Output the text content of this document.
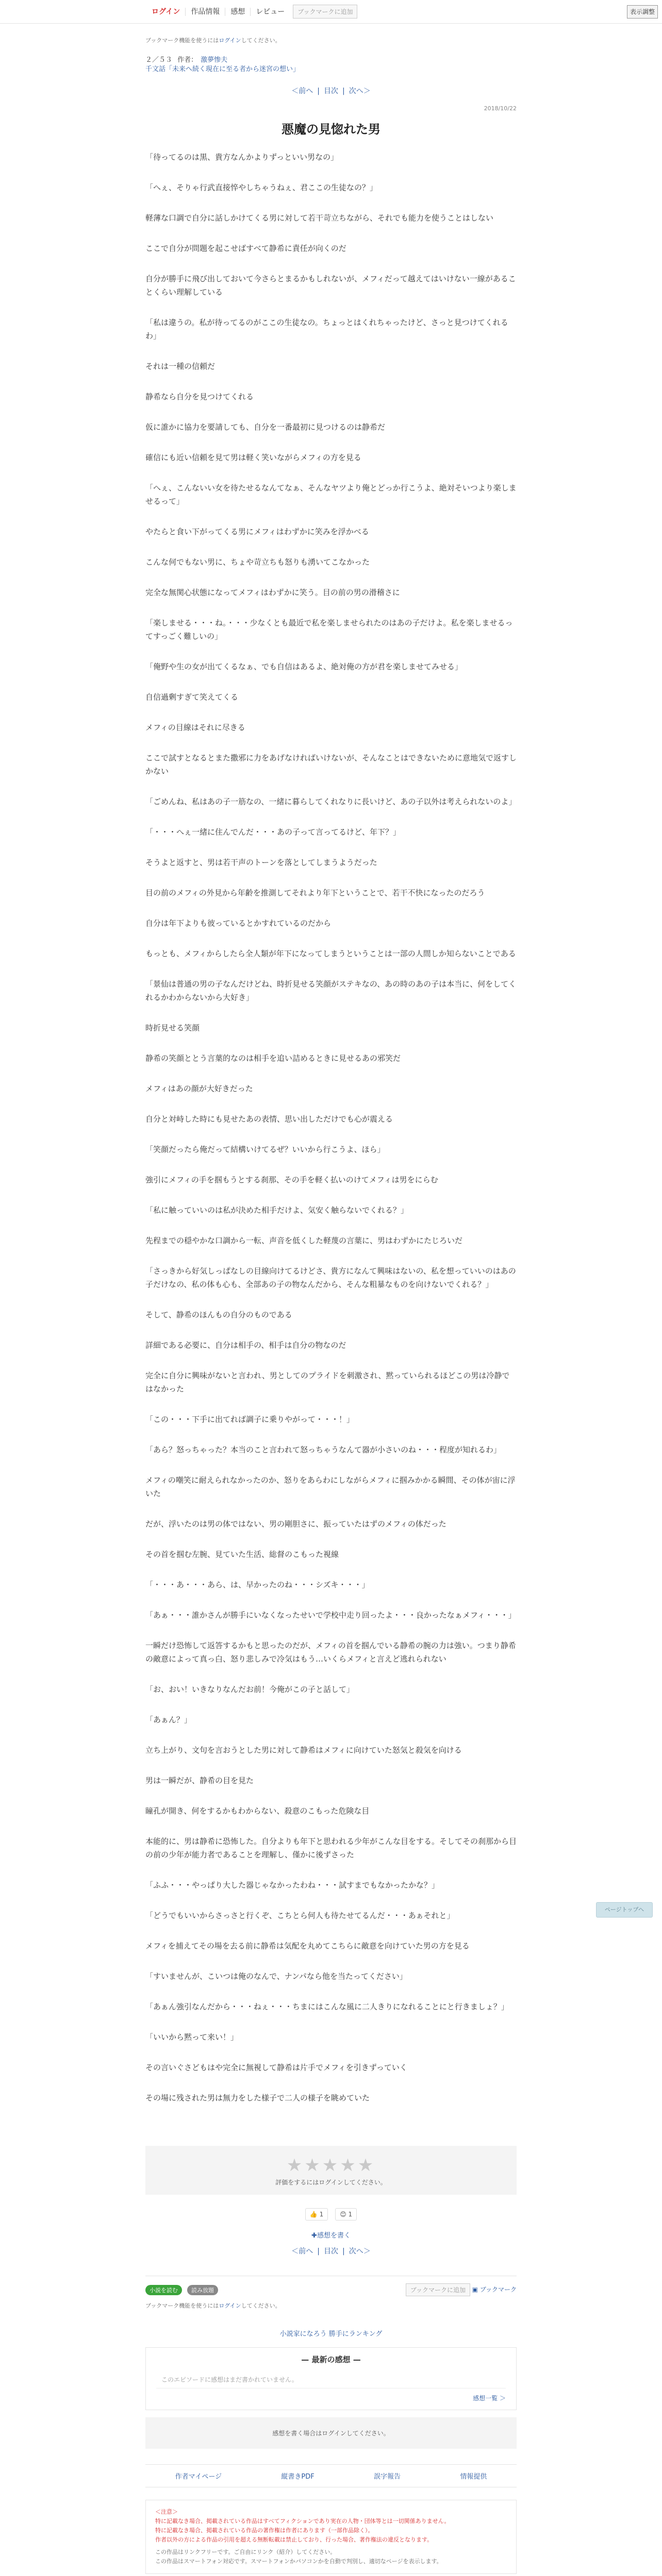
ログイン	作品情報	感想	レビュー	ブックマークに追加	表示調整
ブックマーク機能を使うにはログインしてください。
２／５３ 作者： 激夢惨夫
千文話「未来へ続く現在に至る者から迷宮の想い」
＜前へ | 目次 | 次へ＞
2018/10/22
悪魔の見惚れた男

「待ってるのは黒、貴方なんかよりずっといい男なの」

「へぇ、そりゃ行武直接悴やしちゃうねぇ、君ここの生徒なの？」

軽薄な口調で自分に話しかけてくる男に対して若干苛立ちながら、それでも能力を使うことはしない

ここで自分が問題を起こせばすべて静希に責任が向くのだ

自分が勝手に飛び出しておいて今さらとまるかもしれないが、メフィだって越えてはいけない一線があることくらい理解している

「私は違うの。私が待ってるのがここの生徒なの。ちょっとはくれちゃったけど、さっと見つけてくれるわ」

それは一種の信頼だ

静希なら自分を見つけてくれる

仮に誰かに協力を要請しても、自分を一番最初に見つけるのは静希だ

確信にも近い信頼を見て男は軽く笑いながらメフィの方を見る

「へぇ、こんないい女を待たせるなんてなぁ、そんなヤツより俺とどっか行こうよ、絶対そいつより楽しませるって」

やたらと食い下がってくる男にメフィはわずかに笑みを浮かべる

こんな何でもない男に、ちょや苛立ちも怒りも湧いてこなかった

完全な無関心状態になってメフィはわずかに笑う。目の前の男の滑稽さに

「楽しませる・・・ね。・・・少なくとも最近で私を楽しませられたのはあの子だけよ。私を楽しませるってすっごく難しいの」

「俺野や生の女が出てくるなぁ、でも自信はあるよ、絶対俺の方が君を楽しませてみせる」

自信過剰すぎて笑えてくる

メフィの目線はそれに尽きる

ここで試すとなるとまた撒邪に力をあげなければいけないが、そんなことはできないために意地気で返すしかない

「ごめんね、私はあの子一筋なの、一緒に暮らしてくれなりに長いけど、あの子以外は考えられないのよ」

「・・・へぇ一緒に住んでんだ・・・あの子って言ってるけど、年下？」

そうよと返すと、男は若干声のトーンを落としてしまうようだった

目の前のメフィの外見から年齢を推測してそれより年下ということで、若干不快になったのだろう

自分は年下よりも彼っているとかすれているのだから

もっとも、メフィからしたら全人類が年下になってしまうということは一部の人間しか知らないことである

「景仙は普通の男の子なんだけどね、時折見せる笑顔がステキなの、あの時のあの子は本当に、何をしてくれるかわからないから大好き」

時折見せる笑顔

静希の笑顔ととう言葉的なのは相手を追い詰めるときに見せるあの邪笑だ

メフィはあの顔が大好きだった

自分と対峙した時にも見せたあの表情、思い出しただけでも心が震える

「笑顔だったら俺だって結構いけてるぜ？いいから行こうよ、ほら」

強引にメフィの手を掴もうとする刹那、その手を軽く払いのけてメフィは男をにらむ

「私に触っていいのは私が決めた相手だけよ、気安く触らないでくれる？」

先程までの穏やかな口調から一転、声音を低くした軽蔑の言葉に、男はわずかにたじろいだ

「さっきから好気しっぱなしの目線向けてるけどさ、貴方になんて興味はないの、私を想っていいのはあの子だけなの、私の体も心も、全部あの子の物なんだから、そんな粗暴なものを向けないでくれる？」

そして、静希のほんもの自分のものである

詳細である必要に、自分は相手の、相手は自分の物なのだ

完全に自分に興味がないと言われ、男としてのプライドを刺激され、黙っていられるほどこの男は冷静ではなかった

「この・・・下手に出てれば調子に乗りやがって・・・！」

「あら？怒っちゃった？本当のこと言われて怒っちゃうなんて器が小さいのね・・・程度が知れるわ」

メフィの嘲笑に耐えられなかったのか、怒りをあらわにしながらメフィに掴みかかる瞬間、その体が宙に浮いた

だが、浮いたのは男の体ではない、男の剛胆さに、振っていたはずのメフィの体だった

その首を掴む左腕、見ていた生活、総督のこもった視線

「・・・あ・・・あら、は、早かったのね・・・シズキ・・・」

「あぁ・・・誰かさんが勝手にいなくなったせいで学校中走り回ったよ・・・良かったなぁメフィ・・・」

一瞬だけ恐怖して返答するかもと思ったのだが、メフィの首を掴んでいる静希の腕の力は強い。つまり静希の敵意によって真っ白、怒り悲しみで冷気はもう…いくらメフィと言えど逃れられない

「お、おい！いきなりなんだお前！今俺がこの子と話して」

「あぁん？」

立ち上がり、文句を言おうとした男に対して静希はメフィに向けていた怒気と殺気を向ける

男は一瞬だが、静希の目を見た

瞳孔が開き、何をするかもわからない、殺意のこもった危険な目

本能的に、男は静希に恐怖した。自分よりも年下と思われる少年がこんな目をする。そしてその刹那から目の前の少年が能力者であることを理解し、僅かに後ずさった

「ふふ・・・やっぱり大した器じゃなかったわね・・・試すまでもなかったかな？」

「どうでもいいからさっさと行くぞ、こちとら何人も待たせてるんだ・・・あぁそれと」

メフィを捕えてその場を去る前に静希は気配を丸めてこちらに敵意を向けていた男の方を見る

「すいませんが、こいつは俺のなんで、ナンパなら他を当たってください」

「あぁん強引なんだから・・・ねぇ・・・ちまにはこんな風に二人きりになれることにと行きましょ？」

「いいから黙って来い！」

その言いぐさどもはや完全に無視して静希は片手でメフィを引きずっていく

その場に残された男は無力をした様子で二人の様子を眺めていた

★★★★★
評価をするにはログインしてください。
👍 1	😊 1
✚感想を書く
＜前へ | 目次 | 次へ＞
小説を読む	読み放題	ブックマークに追加	▣ ブックマーク
ブックマーク機能を使うにはログインしてください。
小説家になろう 勝手にランキング
— 最新の感想 —
このエピソードに感想はまだ書かれていません。
感想一覧 ＞
感想を書く場合はログインしてください。
作者マイページ	縦書きPDF	誤字報告	情報提供
＜注意＞
特に記載なき場合、掲載されている作品はすべてフィクションであり実在の人物・団体等とは一切関係ありません。
特に記載なき場合、掲載されている作品の著作権は作者にあります（一部作品除く）。
作者以外の方による作品の引用を超える無断転載は禁止しており、行った場合、著作権法の違反となります。
この作品はリンクフリーです。ご自由にリンク（紹介）してください。
この作品はスマートフォン対応です。スマートフォンかパソコンかを自動で判別し、適切なページを表示します。
ページトップへ
